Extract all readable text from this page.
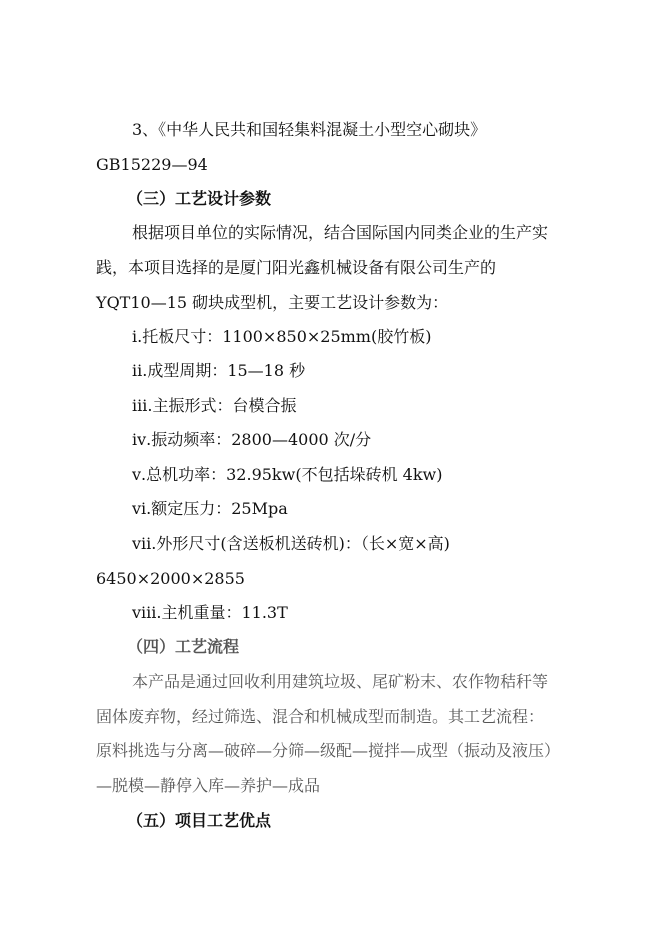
3、《中华人民共和国轻集料混凝土小型空心砌块》
GB15229—94
（三）工艺设计参数
根据项目单位的实际情况，结合国际国内同类企业的生产实
践，本项目选择的是厦门阳光鑫机械设备有限公司生产的
YQT10—15 砌块成型机，主要工艺设计参数为：
ⅰ.托板尺寸：1100×850×25mm(胶竹板)
ⅱ.成型周期：15—18 秒
ⅲ.主振形式：台模合振
ⅳ.振动频率：2800—4000 次/分
ⅴ.总机功率：32.95kw(不包括垛砖机 4kw)
ⅵ.额定压力：25Mpa
ⅶ.外形尺寸(含送板机送砖机)：（长×宽×高)
6450×2000×2855
ⅷ.主机重量：11.3T
（四）工艺流程
本产品是通过回收利用建筑垃圾、尾矿粉末、农作物秸秆等
固体废弃物，经过筛选、混合和机械成型而制造。其工艺流程：
原料挑选与分离—破碎—分筛—级配—搅拌—成型（振动及液压）
—脱模—静停入库—养护—成品
（五）项目工艺优点
